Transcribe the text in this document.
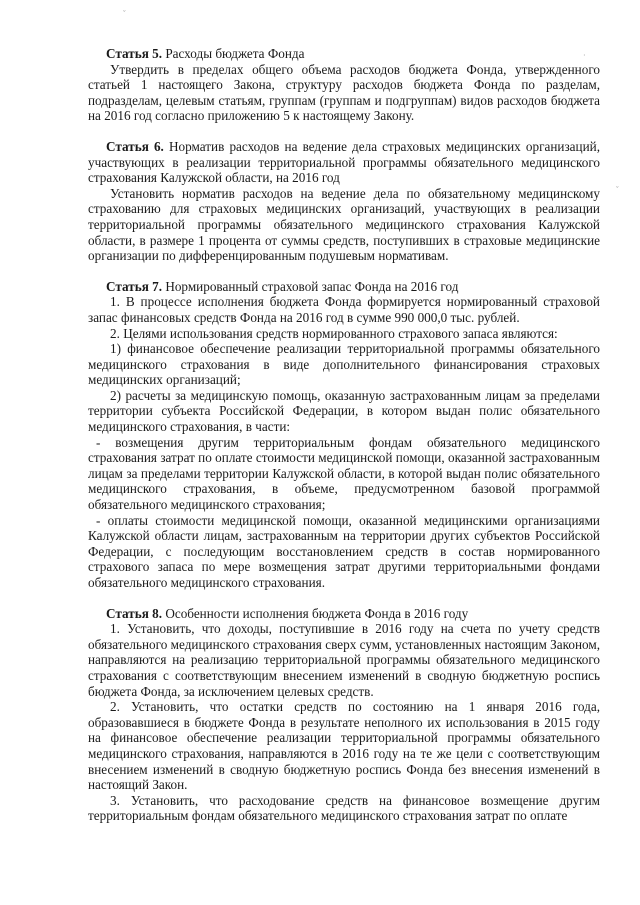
ˇ
·
ˇ

Статья 5. Расходы бюджета Фонда

Утвердить в пределах общего объема расходов бюджета Фонда, утвержденного статьей 1 настоящего Закона, структуру расходов бюджета Фонда по разделам, подразделам, целевым статьям, группам (группам и подгруппам) видов расходов бюджета на 2016 год согласно приложению 5 к настоящему Закону.

Статья 6. Норматив расходов на ведение дела страховых медицинских организаций, участвующих в реализации территориальной программы обязательного медицинского страхования Калужской области, на 2016 год

Установить норматив расходов на ведение дела по обязательному медицинскому страхованию для страховых медицинских организаций, участвующих в реализации территориальной программы обязательного медицинского страхования Калужской области, в размере 1 процента от суммы средств, поступивших в страховые медицинские организации по дифференцированным подушевым нормативам.

Статья 7. Нормированный страховой запас Фонда на 2016 год

1. В процессе исполнения бюджета Фонда формируется нормированный страховой запас финансовых средств Фонда на 2016 год в сумме 990 000,0 тыс. рублей.

2. Целями использования средств нормированного страхового запаса являются:

1) финансовое обеспечение реализации территориальной программы обязательного медицинского страхования в виде дополнительного финансирования страховых медицинских организаций;

2) расчеты за медицинскую помощь, оказанную застрахованным лицам за пределами территории субъекта Российской Федерации, в котором выдан полис обязательного медицинского страхования, в части:

- возмещения другим территориальным фондам обязательного медицинского страхования затрат по оплате стоимости медицинской помощи, оказанной застрахованным лицам за пределами территории Калужской области, в которой выдан полис обязательного медицинского страхования, в объеме, предусмотренном базовой программой обязательного медицинского страхования;

- оплаты стоимости медицинской помощи, оказанной медицинскими организациями Калужской области лицам, застрахованным на территории других субъектов Российской Федерации, с последующим восстановлением средств в состав нормированного страхового запаса по мере возмещения затрат другими территориальными фондами обязательного медицинского страхования.

Статья 8. Особенности исполнения бюджета Фонда в 2016 году

1. Установить, что доходы, поступившие в 2016 году на счета по учету средств обязательного медицинского страхования сверх сумм, установленных настоящим Законом, направляются на реализацию территориальной программы обязательного медицинского страхования с соответствующим внесением изменений в сводную бюджетную роспись бюджета Фонда, за исключением целевых средств.

2. Установить, что остатки средств по состоянию на 1 января 2016 года, образовавшиеся в бюджете Фонда в результате неполного их использования в 2015 году на финансовое обеспечение реализации территориальной программы обязательного медицинского страхования, направляются в 2016 году на те же цели с соответствующим внесением изменений в сводную бюджетную роспись Фонда без внесения изменений в настоящий Закон.

3. Установить, что расходование средств на финансовое возмещение другим территориальным фондам обязательного медицинского страхования затрат по оплате
